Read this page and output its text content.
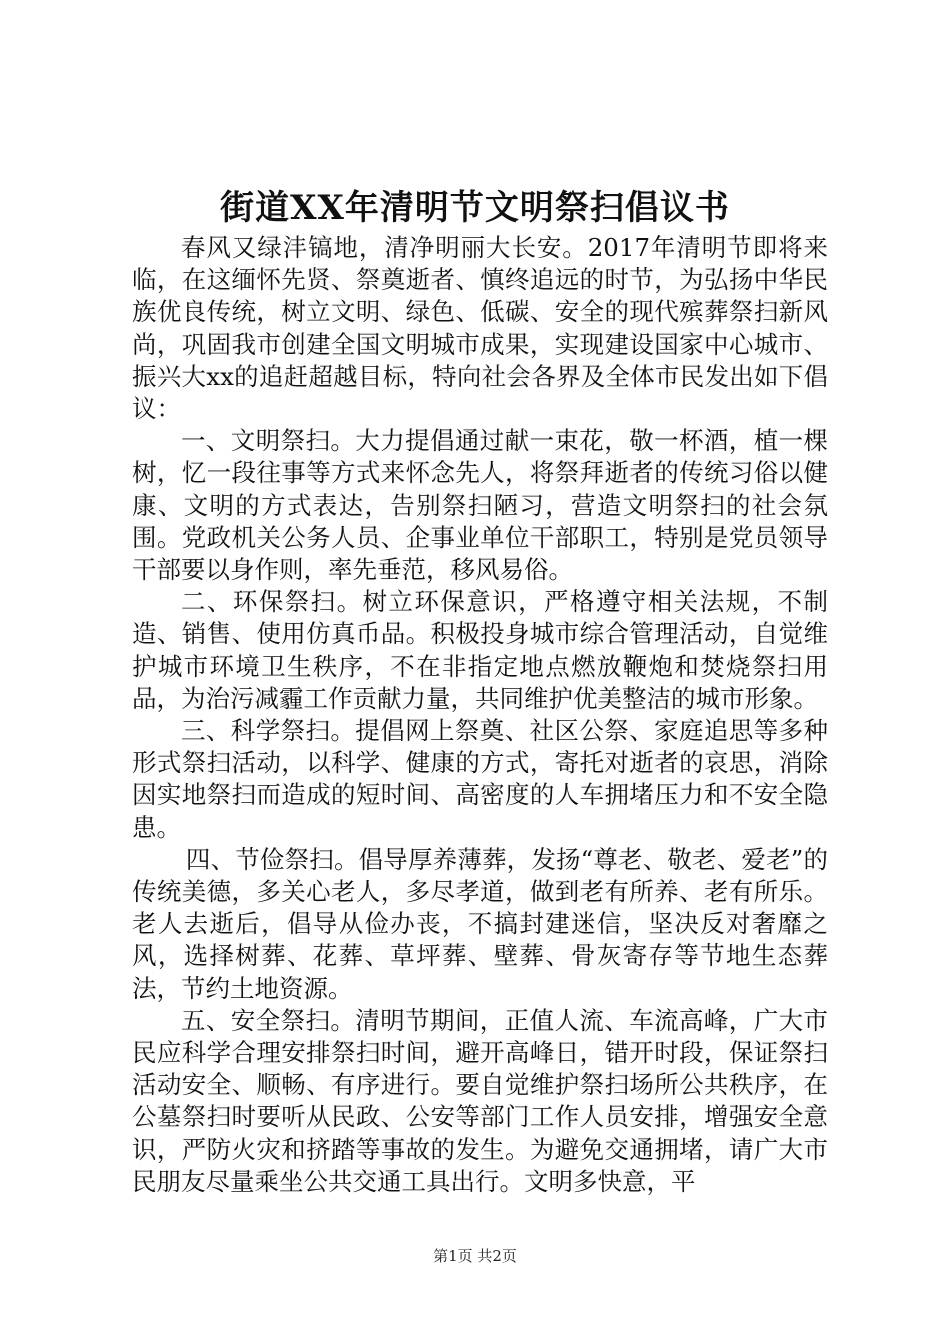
街道XX年清明节文明祭扫倡议书

春风又绿沣镐地，清净明丽大长安。2017年清明节即将来临，在这缅怀先贤、祭奠逝者、慎终追远的时节，为弘扬中华民族优良传统，树立文明、绿色、低碳、安全的现代殡葬祭扫新风尚，巩固我市创建全国文明城市成果，实现建设国家中心城市、振兴大xx的追赶超越目标，特向社会各界及全体市民发出如下倡议：

一、文明祭扫。大力提倡通过献一束花，敬一杯酒，植一棵树，忆一段往事等方式来怀念先人，将祭拜逝者的传统习俗以健康、文明的方式表达，告别祭扫陋习，营造文明祭扫的社会氛围。党政机关公务人员、企事业单位干部职工，特别是党员领导干部要以身作则，率先垂范，移风易俗。

二、环保祭扫。树立环保意识，严格遵守相关法规，不制造、销售、使用仿真币品。积极投身城市综合管理活动，自觉维护城市环境卫生秩序，不在非指定地点燃放鞭炮和焚烧祭扫用品，为治污减霾工作贡献力量，共同维护优美整洁的城市形象。

三、科学祭扫。提倡网上祭奠、社区公祭、家庭追思等多种形式祭扫活动，以科学、健康的方式，寄托对逝者的哀思，消除因实地祭扫而造成的短时间、高密度的人车拥堵压力和不安全隐患。

四、节俭祭扫。倡导厚养薄葬，发扬“尊老、敬老、爱老”的传统美德，多关心老人，多尽孝道，做到老有所养、老有所乐。老人去逝后，倡导从俭办丧，不搞封建迷信，坚决反对奢靡之风，选择树葬、花葬、草坪葬、壁葬、骨灰寄存等节地生态葬法，节约土地资源。

五、安全祭扫。清明节期间，正值人流、车流高峰，广大市民应科学合理安排祭扫时间，避开高峰日，错开时段，保证祭扫活动安全、顺畅、有序进行。要自觉维护祭扫场所公共秩序，在公墓祭扫时要听从民政、公安等部门工作人员安排，增强安全意识，严防火灾和挤踏等事故的发生。为避免交通拥堵，请广大市民朋友尽量乘坐公共交通工具出行。文明多快意，平

第1页 共2页
